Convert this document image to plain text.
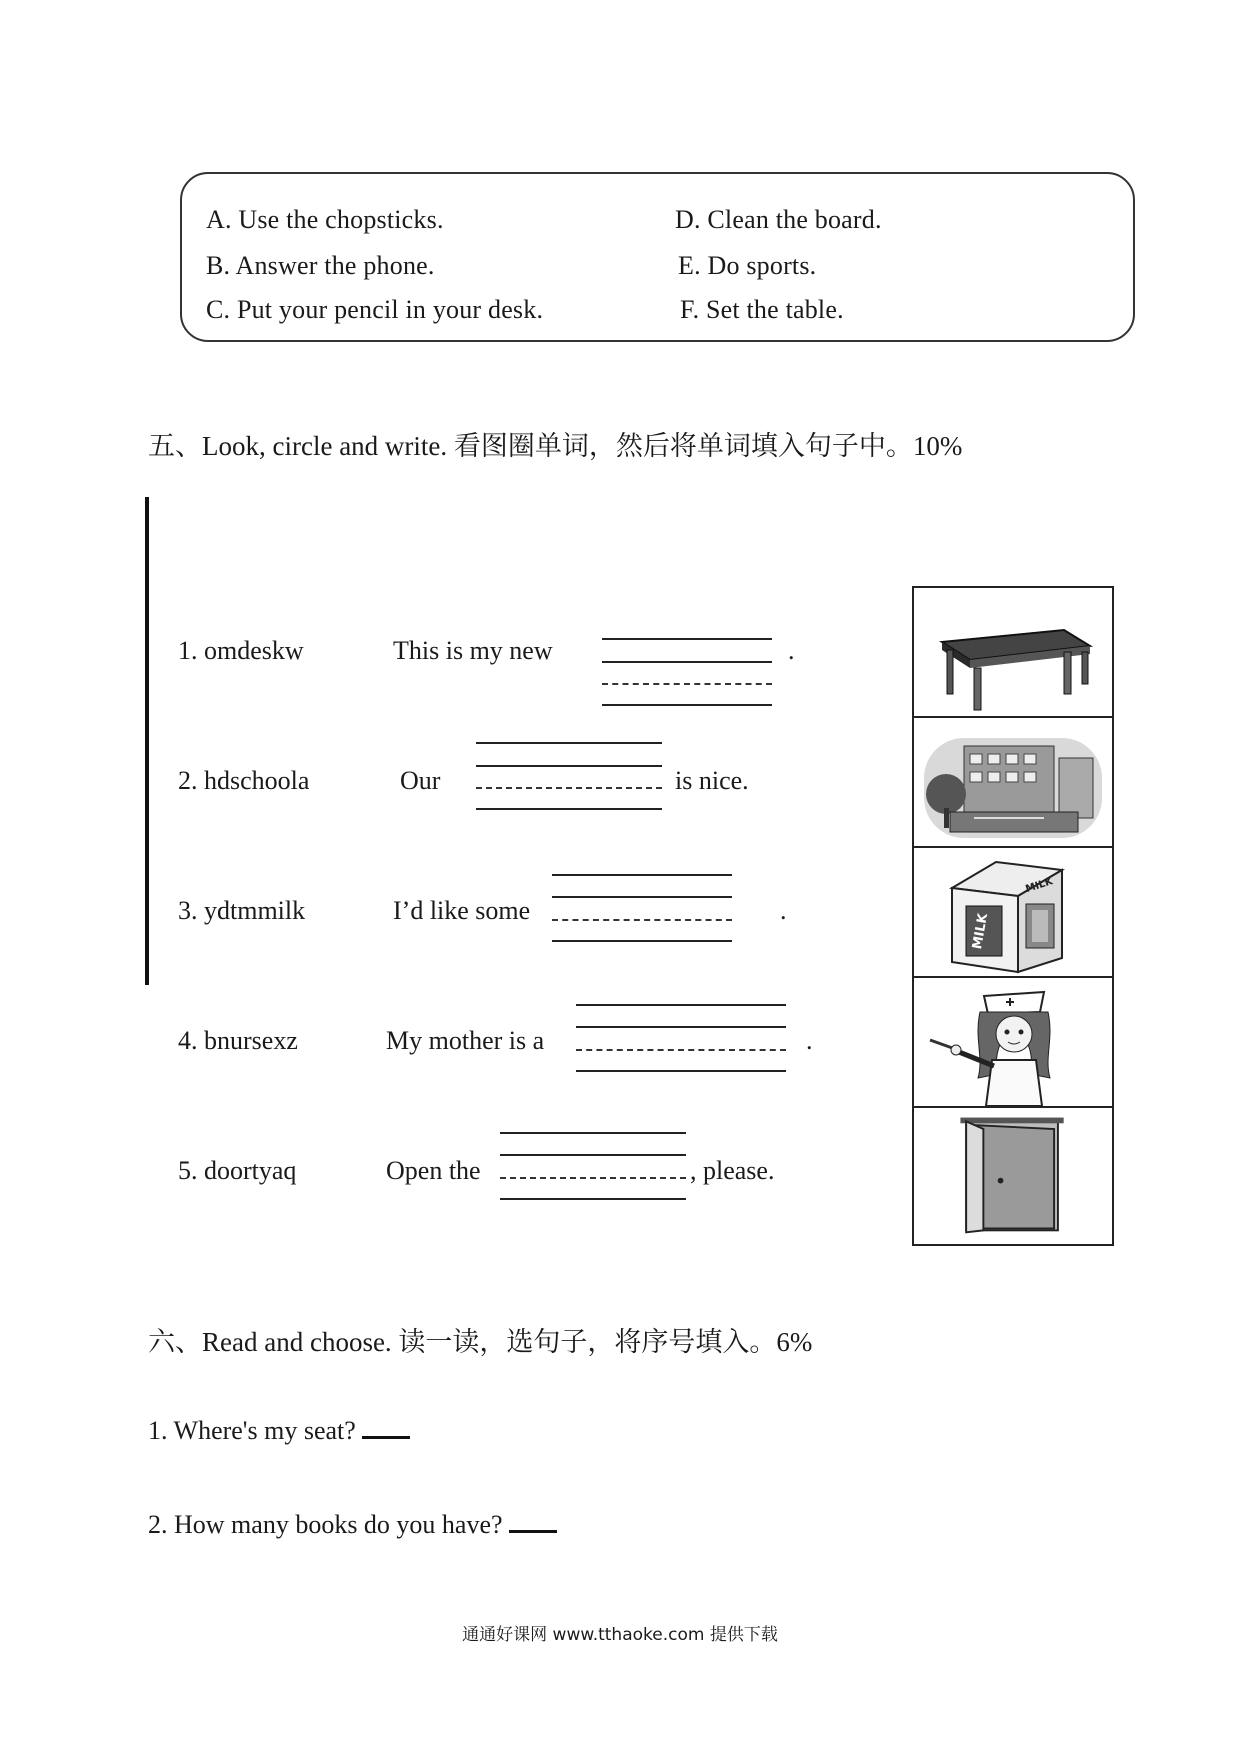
A. Use the chopsticks.	D. Clean the board.
B. Answer the phone.	E. Do sports.
C. Put your pencil in your desk.	F. Set the table.
五、Look, circle and write. 看图圈单词，然后将单词填入句子中。10%
1. omdeskw	This is my new	.
2. hdschoola	Our	is nice.
3. ydtmmilk	I’d like some	.
4. bnursexz	My mother is a	.
5. doortyaq	Open the	, please.
MILK
MILK
六、Read and choose. 读一读，选句子，将序号填入。6%
1. Where's my seat?
2. How many books do you have?
通通好课网 www.tthaoke.com 提供下载
